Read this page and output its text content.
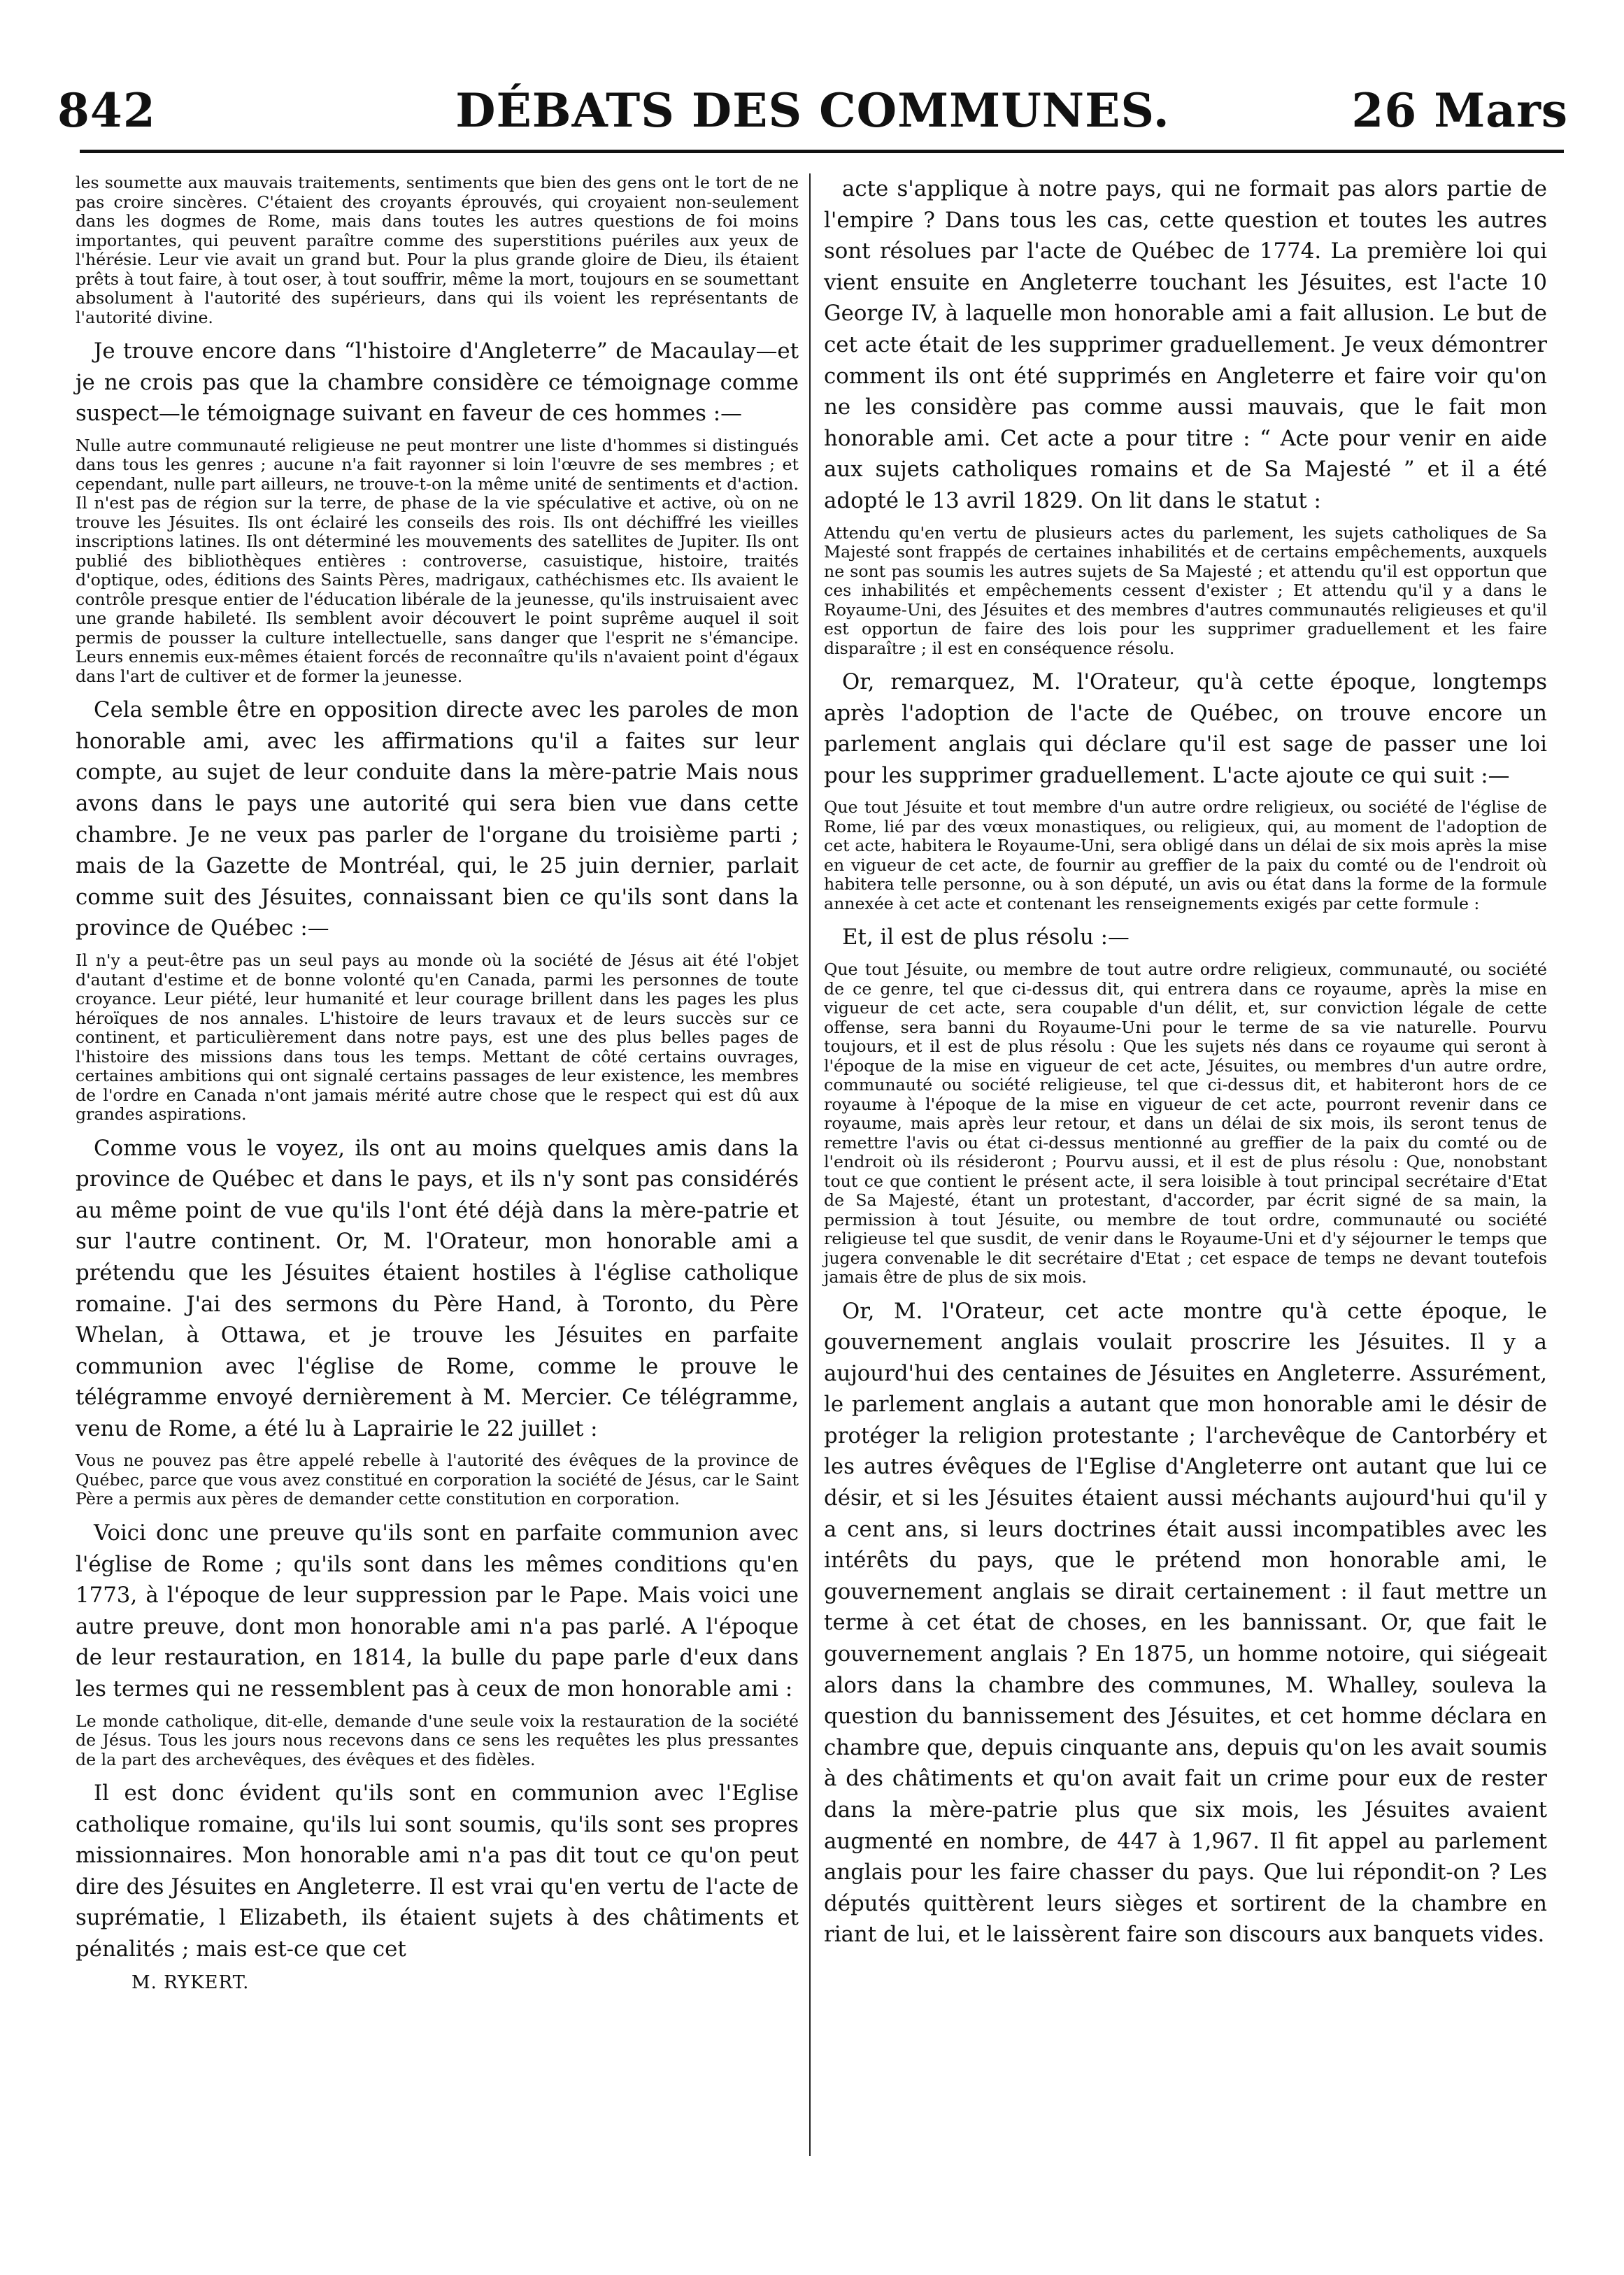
842	DÉBATS DES COMMUNES.	26 Mars

les soumette aux mauvais traitements, sentiments que bien des gens ont le tort de ne pas croire sincères. C'étaient des croyants éprouvés, qui croyaient non-seulement dans les dogmes de Rome, mais dans toutes les autres questions de foi moins importantes, qui peuvent paraître comme des superstitions puériles aux yeux de l'hérésie. Leur vie avait un grand but. Pour la plus grande gloire de Dieu, ils étaient prêts à tout faire, à tout oser, à tout souffrir, même la mort, toujours en se soumettant absolument à l'autorité des supérieurs, dans qui ils voient les représentants de l'autorité divine.

Je trouve encore dans “l'histoire d'Angleterre” de Macaulay—et je ne crois pas que la chambre considère ce témoignage comme suspect—le témoignage suivant en faveur de ces hommes :—

Nulle autre communauté religieuse ne peut montrer une liste d'hommes si distingués dans tous les genres ; aucune n'a fait rayonner si loin l'œuvre de ses membres ; et cependant, nulle part ailleurs, ne trouve-t-on la même unité de sentiments et d'action. Il n'est pas de région sur la terre, de phase de la vie spéculative et active, où on ne trouve les Jésuites. Ils ont éclairé les conseils des rois. Ils ont déchiffré les vieilles inscriptions latines. Ils ont déterminé les mouvements des satellites de Jupiter. Ils ont publié des bibliothèques entières : controverse, casuistique, histoire, traités d'optique, odes, éditions des Saints Pères, madrigaux, cathéchismes etc. Ils avaient le contrôle presque entier de l'éducation libérale de la jeunesse, qu'ils instruisaient avec une grande habileté. Ils semblent avoir découvert le point suprême auquel il soit permis de pousser la culture intellectuelle, sans danger que l'esprit ne s'émancipe. Leurs ennemis eux-mêmes étaient forcés de reconnaître qu'ils n'avaient point d'égaux dans l'art de cultiver et de former la jeunesse.

Cela semble être en opposition directe avec les paroles de mon honorable ami, avec les affirmations qu'il a faites sur leur compte, au sujet de leur conduite dans la mère-patrie Mais nous avons dans le pays une autorité qui sera bien vue dans cette chambre. Je ne veux pas parler de l'organe du troisième parti ; mais de la Gazette de Montréal, qui, le 25 juin dernier, parlait comme suit des Jésuites, connaissant bien ce qu'ils sont dans la province de Québec :—

Il n'y a peut-être pas un seul pays au monde où la société de Jésus ait été l'objet d'autant d'estime et de bonne volonté qu'en Canada, parmi les personnes de toute croyance. Leur piété, leur humanité et leur courage brillent dans les pages les plus héroïques de nos annales. L'histoire de leurs travaux et de leurs succès sur ce continent, et particulièrement dans notre pays, est une des plus belles pages de l'histoire des missions dans tous les temps. Mettant de côté certains ouvrages, certaines ambitions qui ont signalé certains passages de leur existence, les membres de l'ordre en Canada n'ont jamais mérité autre chose que le respect qui est dû aux grandes aspirations.

Comme vous le voyez, ils ont au moins quelques amis dans la province de Québec et dans le pays, et ils n'y sont pas considérés au même point de vue qu'ils l'ont été déjà dans la mère-patrie et sur l'autre continent. Or, M. l'Orateur, mon honorable ami a prétendu que les Jésuites étaient hostiles à l'église catholique romaine. J'ai des sermons du Père Hand, à Toronto, du Père Whelan, à Ottawa, et je trouve les Jésuites en parfaite communion avec l'église de Rome, comme le prouve le télégramme envoyé dernièrement à M. Mercier. Ce télégramme, venu de Rome, a été lu à Laprairie le 22 juillet :

Vous ne pouvez pas être appelé rebelle à l'autorité des évêques de la province de Québec, parce que vous avez constitué en corporation la société de Jésus, car le Saint Père a permis aux pères de demander cette constitution en corporation.

Voici donc une preuve qu'ils sont en parfaite communion avec l'église de Rome ; qu'ils sont dans les mêmes conditions qu'en 1773, à l'époque de leur suppression par le Pape. Mais voici une autre preuve, dont mon honorable ami n'a pas parlé. A l'époque de leur restauration, en 1814, la bulle du pape parle d'eux dans les termes qui ne ressemblent pas à ceux de mon honorable ami :

Le monde catholique, dit-elle, demande d'une seule voix la restauration de la société de Jésus. Tous les jours nous recevons dans ce sens les requêtes les plus pressantes de la part des archevêques, des évêques et des fidèles.

Il est donc évident qu'ils sont en communion avec l'Eglise catholique romaine, qu'ils lui sont soumis, qu'ils sont ses propres missionnaires. Mon honorable ami n'a pas dit tout ce qu'on peut dire des Jésuites en Angleterre. Il est vrai qu'en vertu de l'acte de suprématie, l Elizabeth, ils étaient sujets à des châtiments et pénalités ; mais est-ce que cet

M. RYKERT.

acte s'applique à notre pays, qui ne formait pas alors partie de l'empire ? Dans tous les cas, cette question et toutes les autres sont résolues par l'acte de Québec de 1774. La première loi qui vient ensuite en Angleterre touchant les Jésuites, est l'acte 10 George IV, à laquelle mon honorable ami a fait allusion. Le but de cet acte était de les supprimer graduellement. Je veux démontrer comment ils ont été supprimés en Angleterre et faire voir qu'on ne les considère pas comme aussi mauvais, que le fait mon honorable ami. Cet acte a pour titre : “ Acte pour venir en aide aux sujets catholiques romains et de Sa Majesté ” et il a été adopté le 13 avril 1829. On lit dans le statut :

Attendu qu'en vertu de plusieurs actes du parlement, les sujets catholiques de Sa Majesté sont frappés de certaines inhabilités et de certains empêchements, auxquels ne sont pas soumis les autres sujets de Sa Majesté ; et attendu qu'il est opportun que ces inhabilités et empêchements cessent d'exister ; Et attendu qu'il y a dans le Royaume-Uni, des Jésuites et des membres d'autres communautés religieuses et qu'il est opportun de faire des lois pour les supprimer graduellement et les faire disparaître ; il est en conséquence résolu.

Or, remarquez, M. l'Orateur, qu'à cette époque, longtemps après l'adoption de l'acte de Québec, on trouve encore un parlement anglais qui déclare qu'il est sage de passer une loi pour les supprimer graduellement. L'acte ajoute ce qui suit :—

Que tout Jésuite et tout membre d'un autre ordre religieux, ou société de l'église de Rome, lié par des vœux monastiques, ou religieux, qui, au moment de l'adoption de cet acte, habitera le Royaume-Uni, sera obligé dans un délai de six mois après la mise en vigueur de cet acte, de fournir au greffier de la paix du comté ou de l'endroit où habitera telle personne, ou à son député, un avis ou état dans la forme de la formule annexée à cet acte et contenant les renseignements exigés par cette formule :

Et, il est de plus résolu :—

Que tout Jésuite, ou membre de tout autre ordre religieux, communauté, ou société de ce genre, tel que ci-dessus dit, qui entrera dans ce royaume, après la mise en vigueur de cet acte, sera coupable d'un délit, et, sur conviction légale de cette offense, sera banni du Royaume-Uni pour le terme de sa vie naturelle. Pourvu toujours, et il est de plus résolu : Que les sujets nés dans ce royaume qui seront à l'époque de la mise en vigueur de cet acte, Jésuites, ou membres d'un autre ordre, communauté ou société religieuse, tel que ci-dessus dit, et habiteront hors de ce royaume à l'époque de la mise en vigueur de cet acte, pourront revenir dans ce royaume, mais après leur retour, et dans un délai de six mois, ils seront tenus de remettre l'avis ou état ci-dessus mentionné au greffier de la paix du comté ou de l'endroit où ils résideront ; Pourvu aussi, et il est de plus résolu : Que, nonobstant tout ce que contient le présent acte, il sera loisible à tout principal secrétaire d'Etat de Sa Majesté, étant un protestant, d'accorder, par écrit signé de sa main, la permission à tout Jésuite, ou membre de tout ordre, communauté ou société religieuse tel que susdit, de venir dans le Royaume-Uni et d'y séjourner le temps que jugera convenable le dit secrétaire d'Etat ; cet espace de temps ne devant toutefois jamais être de plus de six mois.

Or, M. l'Orateur, cet acte montre qu'à cette époque, le gouvernement anglais voulait proscrire les Jésuites. Il y a aujourd'hui des centaines de Jésuites en Angleterre. Assurément, le parlement anglais a autant que mon honorable ami le désir de protéger la religion protestante ; l'archevêque de Cantorbéry et les autres évêques de l'Eglise d'Angleterre ont autant que lui ce désir, et si les Jésuites étaient aussi méchants aujourd'hui qu'il y a cent ans, si leurs doctrines était aussi incompatibles avec les intérêts du pays, que le prétend mon honorable ami, le gouvernement anglais se dirait certainement : il faut mettre un terme à cet état de choses, en les bannissant. Or, que fait le gouvernement anglais ? En 1875, un homme notoire, qui siégeait alors dans la chambre des communes, M. Whalley, souleva la question du bannissement des Jésuites, et cet homme déclara en chambre que, depuis cinquante ans, depuis qu'on les avait soumis à des châtiments et qu'on avait fait un crime pour eux de rester dans la mère-patrie plus que six mois, les Jésuites avaient augmenté en nombre, de 447 à 1,967. Il fit appel au parlement anglais pour les faire chasser du pays. Que lui répondit-on ? Les députés quittèrent leurs sièges et sortirent de la chambre en riant de lui, et le laissèrent faire son discours aux banquets vides.
